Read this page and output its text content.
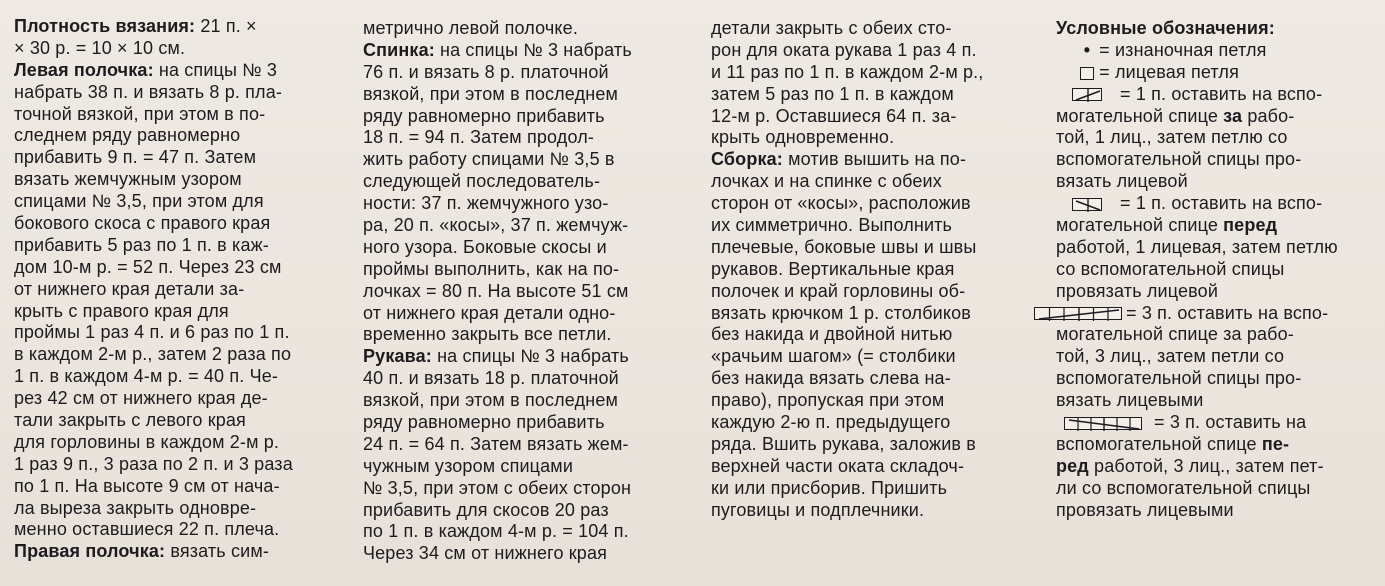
Плотность вязания: 21 п. ×
× 30 р. = 10 × 10 см.
Левая полочка: на спицы № 3
набрать 38 п. и вязать 8 р. пла-
точной вязкой, при этом в по-
следнем ряду равномерно
прибавить 9 п. = 47 п. Затем
вязать жемчужным узором
спицами № 3,5, при этом для
бокового скоса с правого края
прибавить 5 раз по 1 п. в каж-
дом 10-м р. = 52 п. Через 23 см
от нижнего края детали за-
крыть с правого края для
проймы 1 раз 4 п. и 6 раз по 1 п.
в каждом 2-м р., затем 2 раза по
1 п. в каждом 4-м р. = 40 п. Че-
рез 42 см от нижнего края де-
тали закрыть с левого края
для горловины в каждом 2-м р.
1 раз 9 п., 3 раза по 2 п. и 3 раза
по 1 п. На высоте 9 см от нача-
ла выреза закрыть одновре-
менно оставшиеся 22 п. плеча.
Правая полочка: вязать сим-
метрично левой полочке.
Спинка: на спицы № 3 набрать
76 п. и вязать 8 р. платочной
вязкой, при этом в последнем
ряду равномерно прибавить
18 п. = 94 п. Затем продол-
жить работу спицами № 3,5 в
следующей последователь-
ности: 37 п. жемчужного узо-
ра, 20 п. «косы», 37 п. жемчуж-
ного узора. Боковые скосы и
проймы выполнить, как на по-
лочках = 80 п. На высоте 51 см
от нижнего края детали одно-
временно закрыть все петли.
Рукава: на спицы № 3 набрать
40 п. и вязать 18 р. платочной
вязкой, при этом в последнем
ряду равномерно прибавить
24 п. = 64 п. Затем вязать жем-
чужным узором спицами
№ 3,5, при этом с обеих сторон
прибавить для скосов 20 раз
по 1 п. в каждом 4-м р. = 104 п.
Через 34 см от нижнего края
детали закрыть с обеих сто-
рон для оката рукава 1 раз 4 п.
и 11 раз по 1 п. в каждом 2-м р.,
затем 5 раз по 1 п. в каждом
12-м р. Оставшиеся 64 п. за-
крыть одновременно.
Сборка: мотив вышить на по-
лочках и на спинке с обеих
сторон от «косы», расположив
их симметрично. Выполнить
плечевые, боковые швы и швы
рукавов. Вертикальные края
полочек и край горловины об-
вязать крючком 1 р. столбиков
без накида и двойной нитью
«рачьим шагом» (= столбики
без накида вязать слева на-
право), пропуская при этом
каждую 2-ю п. предыдущего
ряда. Вшить рукава, заложив в
верхней части оката складоч-
ки или присборив. Пришить
пуговицы и подплечники.
Условные обозначения:
• = изнаночная петля
= лицевая петля
= 1 п. оставить на вспо-
могательной спице за рабо-
той, 1 лиц., затем петлю со
вспомогательной спицы про-
вязать лицевой
= 1 п. оставить на вспо-
могательной спице перед
работой, 1 лицевая, затем петлю
со вспомогательной спицы
провязать лицевой
= 3 п. оставить на вспо-
могательной спице за рабо-
той, 3 лиц., затем петли со
вспомогательной спицы про-
вязать лицевыми
= 3 п. оставить на
вспомогательной спице пе-
ред работой, 3 лиц., затем пет-
ли со вспомогательной спицы
провязать лицевыми
